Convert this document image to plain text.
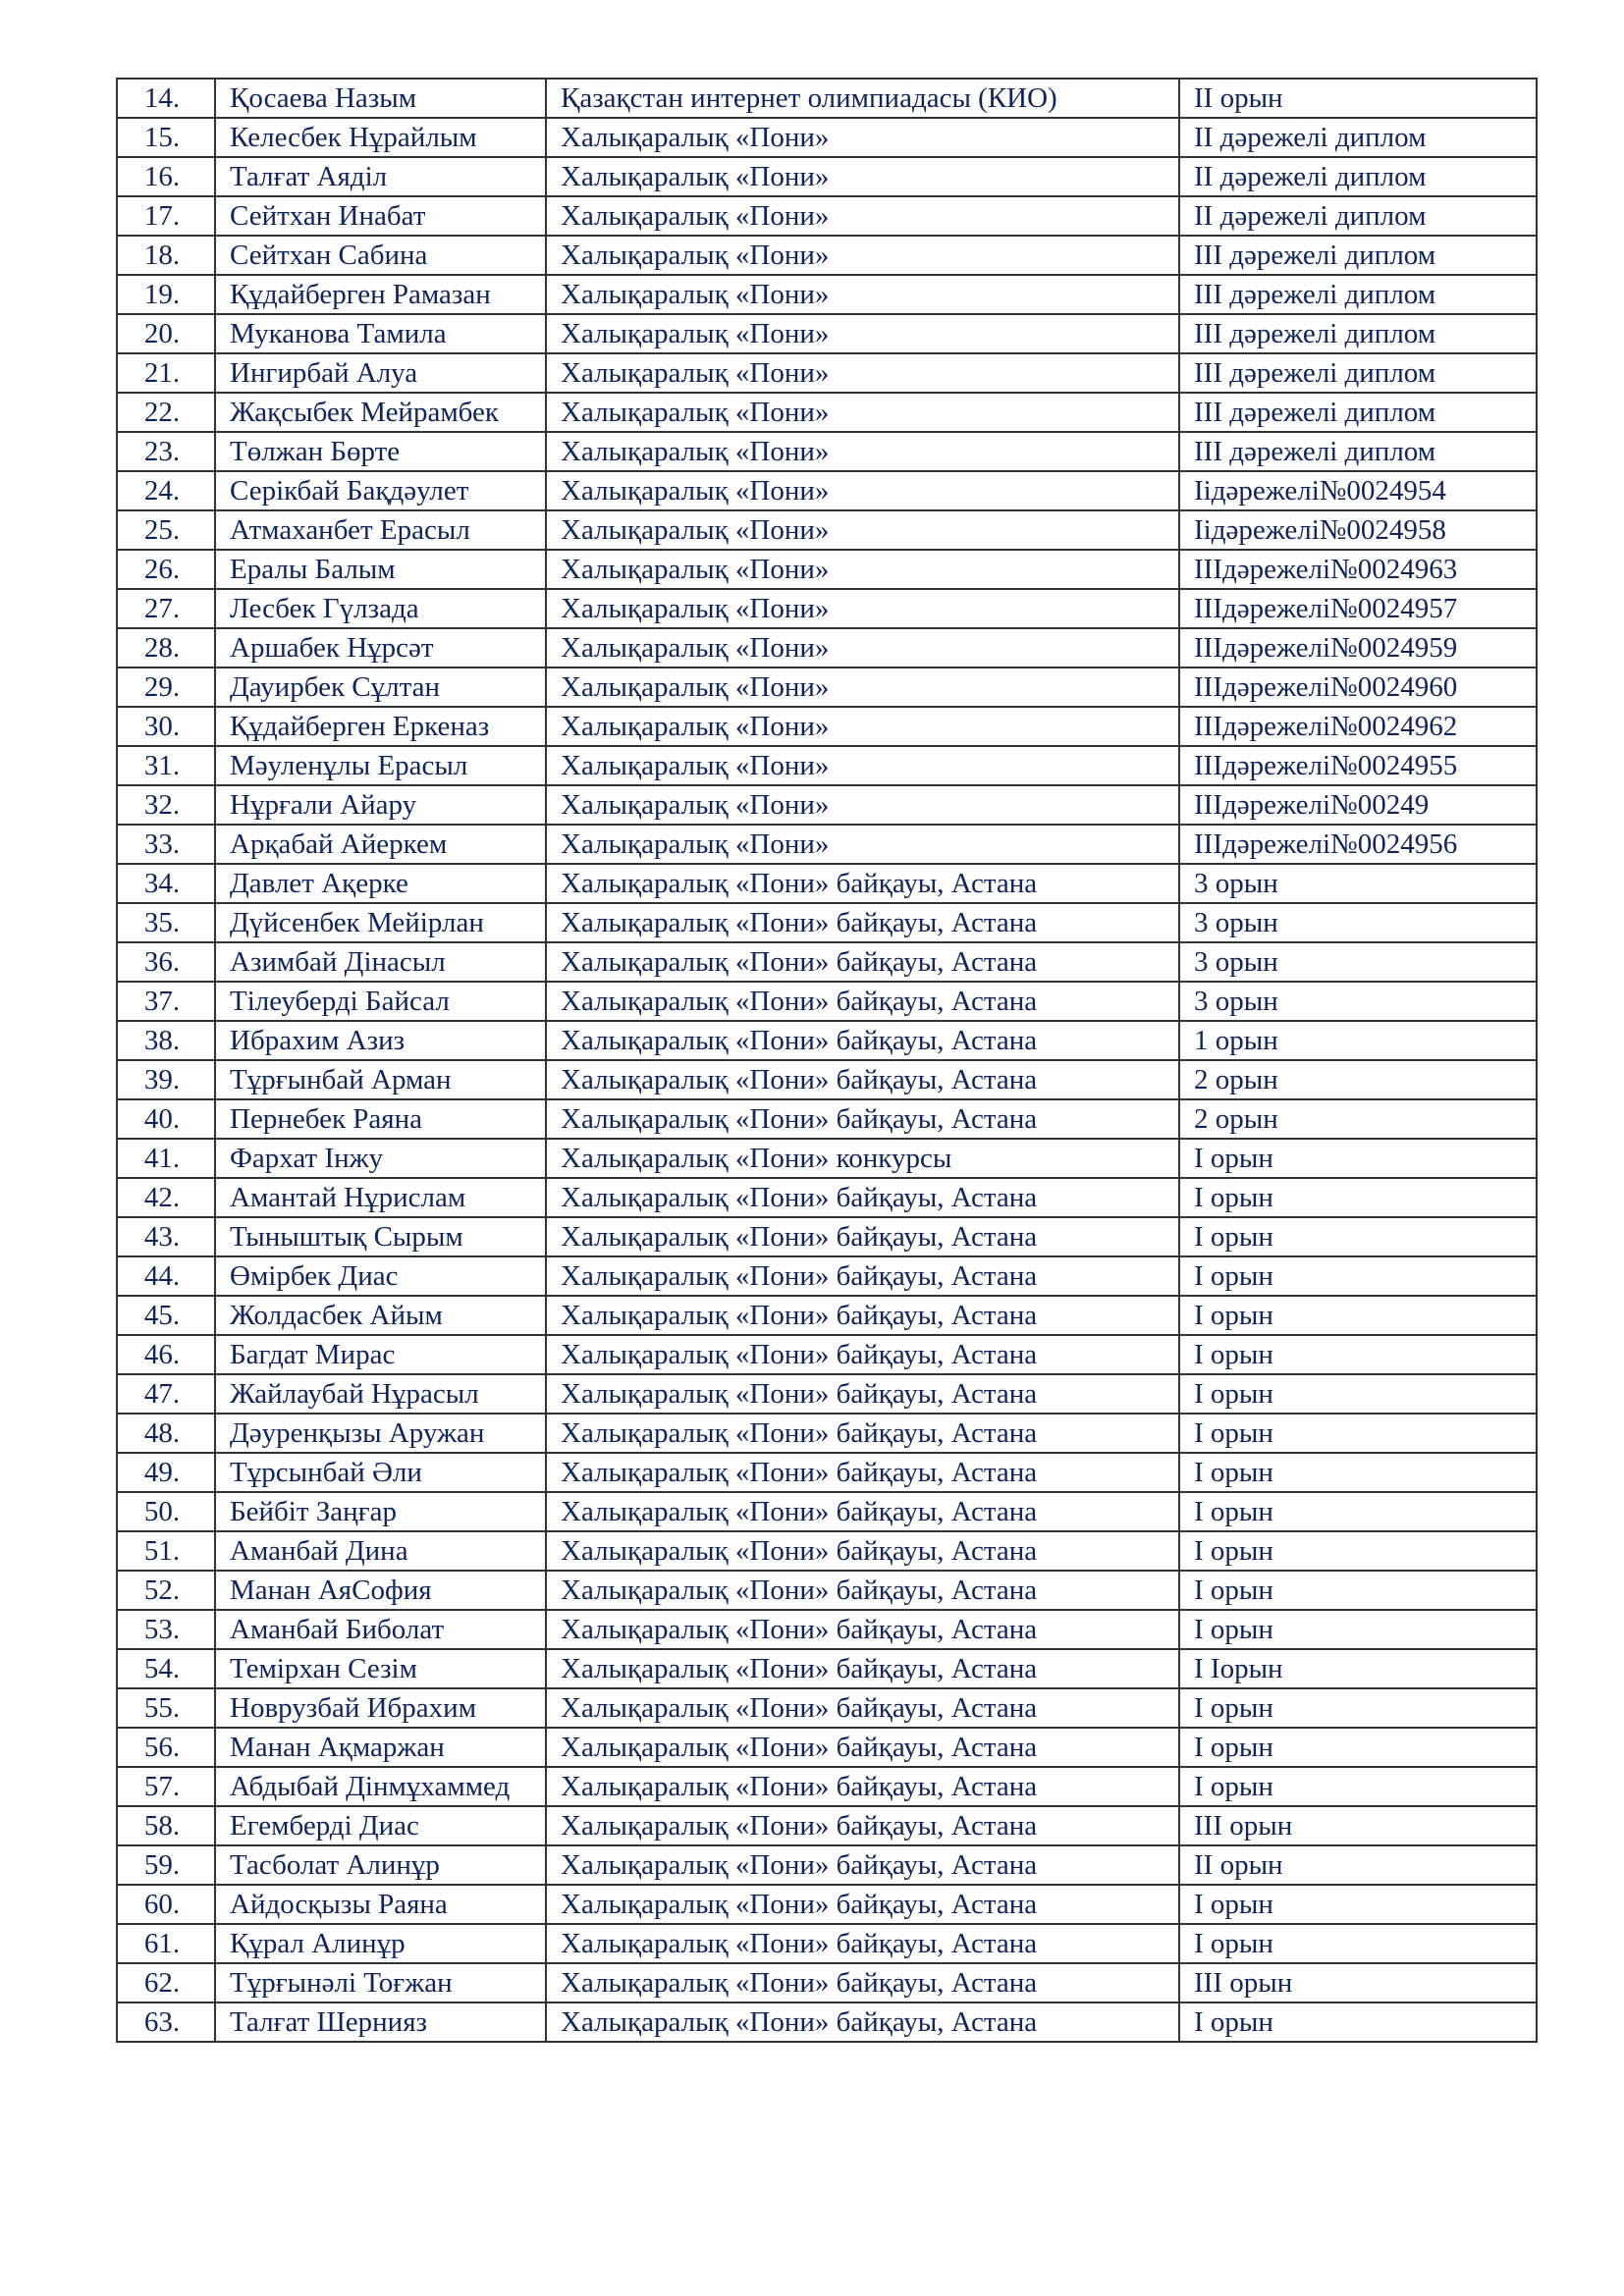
14.	Қосаева Назым	Қазақстан интернет олимпиадасы (КИО)	II орын
15.	Келесбек Нұрайлым	Халықаралық «Пони»	II дәрежелі диплом
16.	Талғат Аяділ	Халықаралық «Пони»	II дәрежелі диплом
17.	Сейтхан Инабат	Халықаралық «Пони»	II дәрежелі диплом
18.	Сейтхан Сабина	Халықаралық «Пони»	III дәрежелі диплом
19.	Құдайберген Рамазан	Халықаралық «Пони»	III дәрежелі диплом
20.	Муканова Тамила	Халықаралық «Пони»	III дәрежелі диплом
21.	Ингирбай Алуа	Халықаралық «Пони»	III дәрежелі диплом
22.	Жақсыбек Мейрамбек	Халықаралық «Пони»	III дәрежелі диплом
23.	Төлжан Бөрте	Халықаралық «Пони»	III дәрежелі диплом
24.	Серікбай Бақдәулет	Халықаралық «Пони»	Iідәрежелі№0024954
25.	Атмаханбет Ерасыл	Халықаралық «Пони»	Iідәрежелі№0024958
26.	Ералы Балым	Халықаралық «Пони»	IIIдәрежелі№0024963
27.	Лесбек Гүлзада	Халықаралық «Пони»	IIIдәрежелі№0024957
28.	Аршабек Нұрсәт	Халықаралық «Пони»	IIIдәрежелі№0024959
29.	Дауирбек Сұлтан	Халықаралық «Пони»	IIIдәрежелі№0024960
30.	Құдайберген Еркеназ	Халықаралық «Пони»	IIIдәрежелі№0024962
31.	Мәуленұлы Ерасыл	Халықаралық «Пони»	IIIдәрежелі№0024955
32.	Нұрғали Айару	Халықаралық «Пони»	IIIдәрежелі№00249
33.	Арқабай Айеркем	Халықаралық «Пони»	IIIдәрежелі№0024956
34.	Давлет Ақерке	Халықаралық «Пони» байқауы, Астана	3 орын
35.	Дүйсенбек Мейірлан	Халықаралық «Пони» байқауы, Астана	3 орын
36.	Азимбай Дінасыл	Халықаралық «Пони» байқауы, Астана	3 орын
37.	Тілеуберді Байсал	Халықаралық «Пони» байқауы, Астана	3 орын
38.	Ибрахим Азиз	Халықаралық «Пони» байқауы, Астана	1 орын
39.	Тұрғынбай Арман	Халықаралық «Пони» байқауы, Астана	2 орын
40.	Пернебек Раяна	Халықаралық «Пони» байқауы, Астана	2 орын
41.	Фархат Інжу	Халықаралық «Пони» конкурсы	I орын
42.	Амантай Нұрислам	Халықаралық «Пони» байқауы, Астана	I орын
43.	Тыныштық Сырым	Халықаралық «Пони» байқауы, Астана	I орын
44.	Өмірбек Диас	Халықаралық «Пони» байқауы, Астана	I орын
45.	Жолдасбек Айым	Халықаралық «Пони» байқауы, Астана	I орын
46.	Багдат Мирас	Халықаралық «Пони» байқауы, Астана	I орын
47.	Жайлаубай Нұрасыл	Халықаралық «Пони» байқауы, Астана	I орын
48.	Дәуренқызы Аружан	Халықаралық «Пони» байқауы, Астана	I орын
49.	Тұрсынбай Әли	Халықаралық «Пони» байқауы, Астана	I орын
50.	Бейбіт Заңғар	Халықаралық «Пони» байқауы, Астана	I орын
51.	Аманбай Дина	Халықаралық «Пони» байқауы, Астана	I орын
52.	Манан АяСофия	Халықаралық «Пони» байқауы, Астана	I орын
53.	Аманбай Биболат	Халықаралық «Пони» байқауы, Астана	I орын
54.	Темірхан Сезім	Халықаралық «Пони» байқауы, Астана	I Iорын
55.	Новрузбай Ибрахим	Халықаралық «Пони» байқауы, Астана	I орын
56.	Манан Ақмаржан	Халықаралық «Пони» байқауы, Астана	I орын
57.	Абдыбай Дінмұхаммед	Халықаралық «Пони» байқауы, Астана	I орын
58.	Егемберді Диас	Халықаралық «Пони» байқауы, Астана	III орын
59.	Тасболат Алинұр	Халықаралық «Пони» байқауы, Астана	II орын
60.	Айдосқызы Раяна	Халықаралық «Пони» байқауы, Астана	I орын
61.	Құрал Алинұр	Халықаралық «Пони» байқауы, Астана	I орын
62.	Тұрғынәлі Тоғжан	Халықаралық «Пони» байқауы, Астана	III орын
63.	Талғат Шернияз	Халықаралық «Пони» байқауы, Астана	I орын
